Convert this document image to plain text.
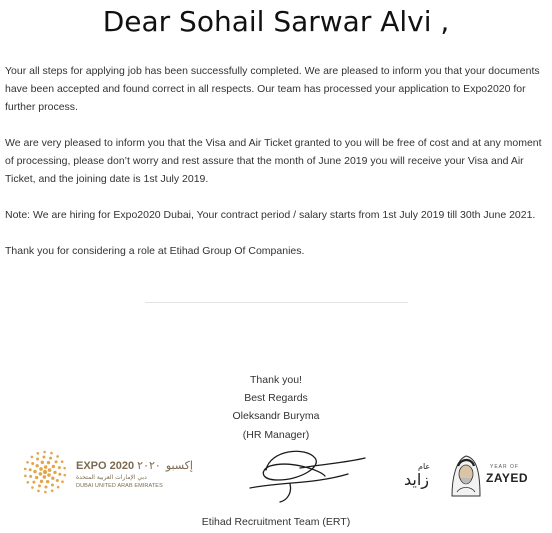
Dear Sohail Sarwar Alvi ,

Your all steps for applying job has been successfully completed. We are pleased to inform you that your documents have been accepted and found correct in all respects. Our team has processed your application to Expo2020 for further process.

We are very pleased to inform you that the Visa and Air Ticket granted to you will be free of cost and at any moment of processing, please don’t worry and rest assure that the month of June 2019 you will receive your Visa and Air Ticket, and the joining date is 1st July 2019.

Note: We are hiring for Expo2020 Dubai, Your contract period / salary starts from 1st July 2019 till 30th June 2021.

Thank you for considering a role at Etihad Group Of Companies.

Thank you!

Best Regards

Oleksandr Buryma

(HR Manager)

Etihad Recruitment Team (ERT)

EXPO 2020	إكسبو ٢٠٢٠
دبي الإمارات العربية المتحدة
DUBAI UNITED ARAB EMIRATES
عام
زايد
YEAR OF
ZAYED
